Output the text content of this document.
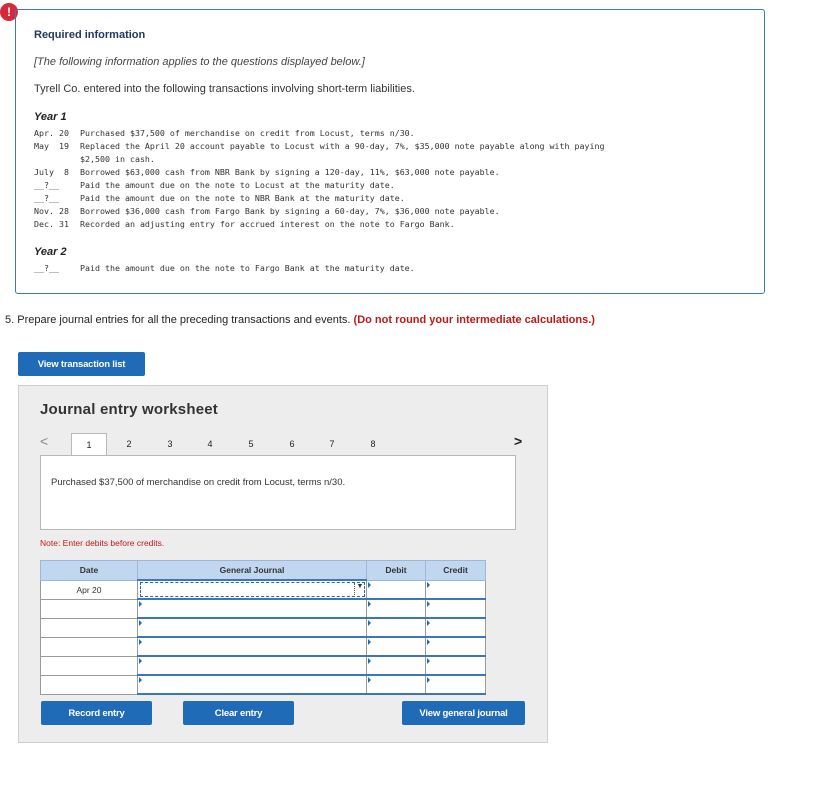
!
Required information
[The following information applies to the questions displayed below.]
Tyrell Co. entered into the following transactions involving short-term liabilities.
Year 1
Apr. 20 Purchased $37,500 of merchandise on credit from Locust, terms n/30.
May  19 Replaced the April 20 account payable to Locust with a 90-day, 7%, $35,000 note payable along with paying
$2,500 in cash.
July  8 Borrowed $63,000 cash from NBR Bank by signing a 120-day, 11%, $63,000 note payable.
__?__	Paid the amount due on the note to Locust at the maturity date.
__?__	Paid the amount due on the note to NBR Bank at the maturity date.
Nov. 28 Borrowed $36,000 cash from Fargo Bank by signing a 60-day, 7%, $36,000 note payable.
Dec. 31 Recorded an adjusting entry for accrued interest on the note to Fargo Bank.
Year 2
__?__	Paid the amount due on the note to Fargo Bank at the maturity date.
5. Prepare journal entries for all the preceding transactions and events. (Do not round your intermediate calculations.)
View transaction list
Journal entry worksheet
<	1	2	3	4	5	6	7	8	>
Purchased $37,500 of merchandise on credit from Locust, terms n/30.
Note: Enter debits before credits.
Date	General Journal	Debit	Credit
Apr 20	▼		

Record entry	Clear entry	View general journal
